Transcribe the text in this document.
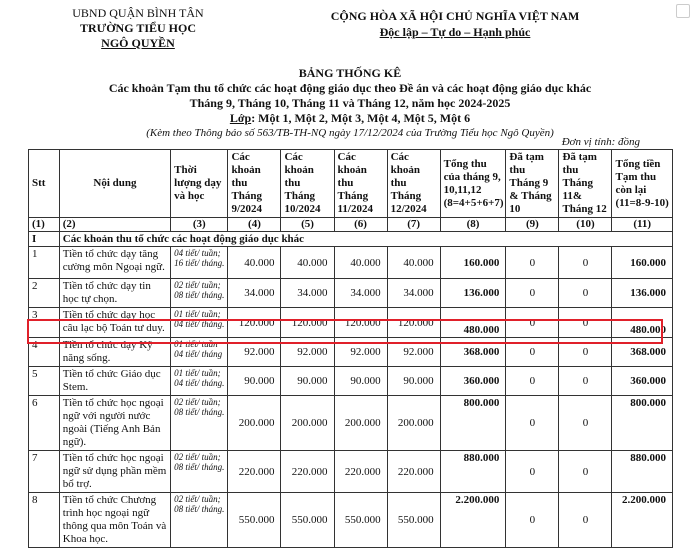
UBND QUẬN BÌNH TÂN
TRƯỜNG TIỂU HỌC
NGÔ QUYỀN
CỘNG HÒA XÃ HỘI CHỦ NGHĨA VIỆT NAM
Độc lập – Tự do – Hạnh phúc
BẢNG THỐNG KÊ
Các khoản Tạm thu tổ chức các hoạt động giáo dục theo Đề án và các hoạt động giáo dục khác
Tháng 9, Tháng 10, Tháng 11 và Tháng 12, năm học 2024-2025
Lớp: Một 1, Một 2, Một 3, Một 4, Một 5, Một 6
(Kèm theo Thông báo số 563/TB-TH-NQ ngày 17/12/2024 của Trường Tiểu học Ngô Quyền)
Đơn vị tính: đồng
Stt	Nội dung	Thời lượng dạy và học	Các khoản thu Tháng 9/2024	Các khoản thu Tháng 10/2024	Các khoản thu Tháng 11/2024	Các khoản thu Tháng 12/2024	Tổng thu của tháng 9, 10,11,12 (8=4+5+6+7)	Đã tạm thu Tháng 9 & Tháng 10	Đã tạm thu Tháng 11& Tháng 12	Tổng tiền Tạm thu còn lại (11=8-9-10)
(1)	(2)	(3)	(4)	(5)	(6)	(7)	(8)	(9)	(10)	(11)
I	Các khoản thu tổ chức các hoạt động giáo dục khác									
1	Tiền tổ chức dạy tăng cường môn Ngoại ngữ.	04 tiết/ tuần; 16 tiết/ tháng.	40.000	40.000	40.000	40.000	160.000	0	0	160.000
2	Tiền tổ chức dạy tin học tự chọn.	02 tiết/ tuần; 08 tiết/ tháng.	34.000	34.000	34.000	34.000	136.000	0	0	136.000
3	Tiền tổ chức dạy học câu lạc bộ Toán tư duy.	01 tiết/ tuần; 04 tiết/ tháng.	120.000	120.000	120.000	120.000	480.000	0	0	480.000
4	Tiền tổ chức dạy Kỹ năng sống.	01 tiết/ tuần 04 tiết/ tháng	92.000	92.000	92.000	92.000	368.000	0	0	368.000
5	Tiền tổ chức Giáo dục Stem.	01 tiết/ tuần; 04 tiết/ tháng.	90.000	90.000	90.000	90.000	360.000	0	0	360.000
6	Tiền tổ chức học ngoại ngữ với người nước ngoài (Tiếng Anh Bản ngữ).	02 tiết/ tuần; 08 tiết/ tháng.	200.000	200.000	200.000	200.000	800.000	0	0	800.000
7	Tiền tổ chức học ngoại ngữ sử dụng phần mềm bổ trợ.	02 tiết/ tuần; 08 tiết/ tháng.	220.000	220.000	220.000	220.000	880.000	0	0	880.000
8	Tiền tổ chức Chương trình học ngoại ngữ thông qua môn Toán và Khoa học.	02 tiết/ tuần; 08 tiết/ tháng.	550.000	550.000	550.000	550.000	2.200.000	0	0	2.200.000
